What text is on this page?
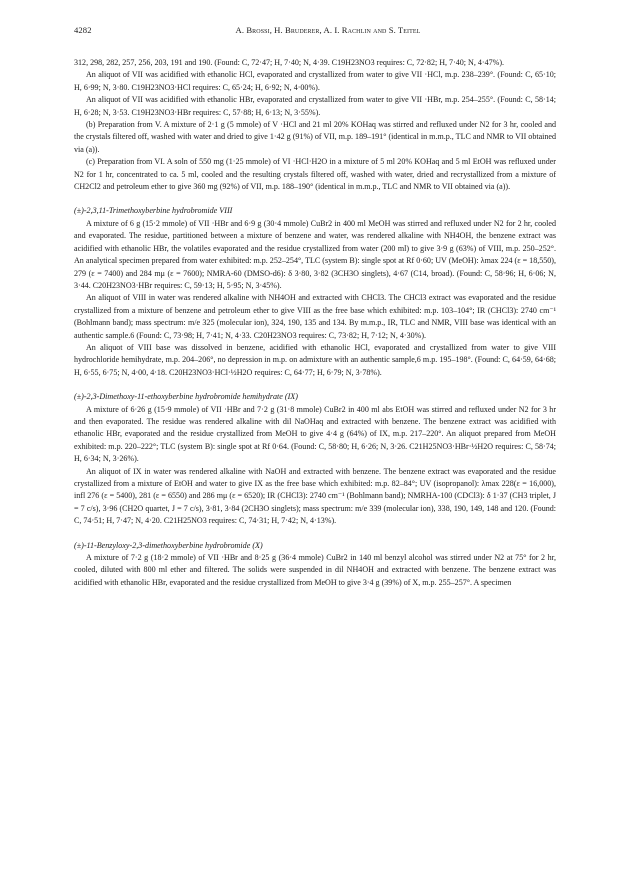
4282	A. Brossi, H. Bruderer, A. I. Rachlin and S. Teitel

312, 298, 282, 257, 256, 203, 191 and 190. (Found: C, 72·47; H, 7·40; N, 4·39. C19H23NO3 requires: C, 72·82; H, 7·40; N, 4·47%).

An aliquot of VII was acidified with ethanolic HCl, evaporated and crystallized from water to give VII ·HCl, m.p. 238–239°. (Found: C, 65·10; H, 6·99; N, 3·80. C19H23NO3·HCl requires: C, 65·24; H, 6·92; N, 4·00%).

An aliquot of VII was acidified with ethanolic HBr, evaporated and crystallized from water to give VII ·HBr, m.p. 254–255°. (Found: C, 58·14; H, 6·28; N, 3·53. C19H23NO3·HBr requires: C, 57·88; H, 6·13; N, 3·55%).

(b) Preparation from V. A mixture of 2·1 g (5 mmole) of V ·HCl and 21 ml 20% KOHaq was stirred and refluxed under N2 for 3 hr, cooled and the crystals filtered off, washed with water and dried to give 1·42 g (91%) of VII, m.p. 189–191° (identical in m.m.p., TLC and NMR to VII obtained via (a)).

(c) Preparation from VI. A soln of 550 mg (1·25 mmole) of VI ·HCl·H2O in a mixture of 5 ml 20% KOHaq and 5 ml EtOH was refluxed under N2 for 1 hr, concentrated to ca. 5 ml, cooled and the resulting crystals filtered off, washed with water, dried and recrystallized from a mixture of CH2Cl2 and petroleum ether to give 360 mg (92%) of VII, m.p. 188–190° (identical in m.m.p., TLC and NMR to VII obtained via (a)).

(±)-2,3,11-Trimethoxyberbine hydrobromide VIII

A mixture of 6 g (15·2 mmole) of VII ·HBr and 6·9 g (30·4 mmole) CuBr2 in 400 ml MeOH was stirred and refluxed under N2 for 2 hr, cooled and evaporated. The residue, partitioned between a mixture of benzene and water, was rendered alkaline with NH4OH, the benzene extract was acidified with ethanolic HBr, the volatiles evaporated and the residue crystallized from water (200 ml) to give 3·9 g (63%) of VIII, m.p. 250–252°. An analytical specimen prepared from water exhibited: m.p. 252–254°, TLC (system B): single spot at Rf 0·60; UV (MeOH): λmax 224 (ε = 18,550), 279 (ε = 7400) and 284 mμ (ε = 7600); NMRA-60 (DMSO-d6): δ 3·80, 3·82 (3CH3O singlets), 4·67 (C14, broad). (Found: C, 58·96; H, 6·06; N, 3·44. C20H23NO3·HBr requires: C, 59·13; H, 5·95; N, 3·45%).

An aliquot of VIII in water was rendered alkaline with NH4OH and extracted with CHCl3. The CHCl3 extract was evaporated and the residue crystallized from a mixture of benzene and petroleum ether to give VIII as the free base which exhibited: m.p. 103–104°; IR (CHCl3): 2740 cm⁻¹ (Bohlmann band); mass spectrum: m/e 325 (molecular ion), 324, 190, 135 and 134. By m.m.p., IR, TLC and NMR, VIII base was identical with an authentic sample.6 (Found: C, 73·98; H, 7·41; N, 4·33. C20H23NO3 requires: C, 73·82; H, 7·12; N, 4·30%).

An aliquot of VIII base was dissolved in benzene, acidified with ethanolic HCl, evaporated and crystallized from water to give VIII hydrochloride hemihydrate, m.p. 204–206°, no depression in m.p. on admixture with an authentic sample,6 m.p. 195–198°. (Found: C, 64·59, 64·68; H, 6·55, 6·75; N, 4·00, 4·18. C20H23NO3·HCl·½H2O requires: C, 64·77; H, 6·79; N, 3·78%).

(±)-2,3-Dimethoxy-11-ethoxyberbine hydrobromide hemihydrate (IX)

A mixture of 6·26 g (15·9 mmole) of VII ·HBr and 7·2 g (31·8 mmole) CuBr2 in 400 ml abs EtOH was stirred and refluxed under N2 for 3 hr and then evaporated. The residue was rendered alkaline with dil NaOHaq and extracted with benzene. The benzene extract was acidified with ethanolic HBr, evaporated and the residue crystallized from MeOH to give 4·4 g (64%) of IX, m.p. 217–220°. An aliquot prepared from MeOH exhibited: m.p. 220–222°; TLC (system B): single spot at Rf 0·64. (Found: C, 58·80; H, 6·26; N, 3·26. C21H25NO3·HBr·½H2O requires: C, 58·74; H, 6·34; N, 3·26%).

An aliquot of IX in water was rendered alkaline with NaOH and extracted with benzene. The benzene extract was evaporated and the residue crystallized from a mixture of EtOH and water to give IX as the free base which exhibited: m.p. 82–84°; UV (isopropanol): λmax 228(ε = 16,000), infl 276 (ε = 5400), 281 (ε = 6550) and 286 mμ (ε = 6520); IR (CHCl3): 2740 cm⁻¹ (Bohlmann band); NMRHA-100 (CDCl3): δ 1·37 (CH3 triplet, J = 7 c/s), 3·96 (CH2O quartet, J = 7 c/s), 3·81, 3·84 (2CH3O singlets); mass spectrum: m/e 339 (molecular ion), 338, 190, 149, 148 and 120. (Found: C, 74·51; H, 7·47; N, 4·20. C21H25NO3 requires: C, 74·31; H, 7·42; N, 4·13%).

(±)-11-Benzyloxy-2,3-dimethoxyberbine hydrobromide (X)

A mixture of 7·2 g (18·2 mmole) of VII ·HBr and 8·25 g (36·4 mmole) CuBr2 in 140 ml benzyl alcohol was stirred under N2 at 75° for 2 hr, cooled, diluted with 800 ml ether and filtered. The solids were suspended in dil NH4OH and extracted with benzene. The benzene extract was acidified with ethanolic HBr, evaporated and the residue crystallized from MeOH to give 3·4 g (39%) of X, m.p. 255–257°. A specimen
